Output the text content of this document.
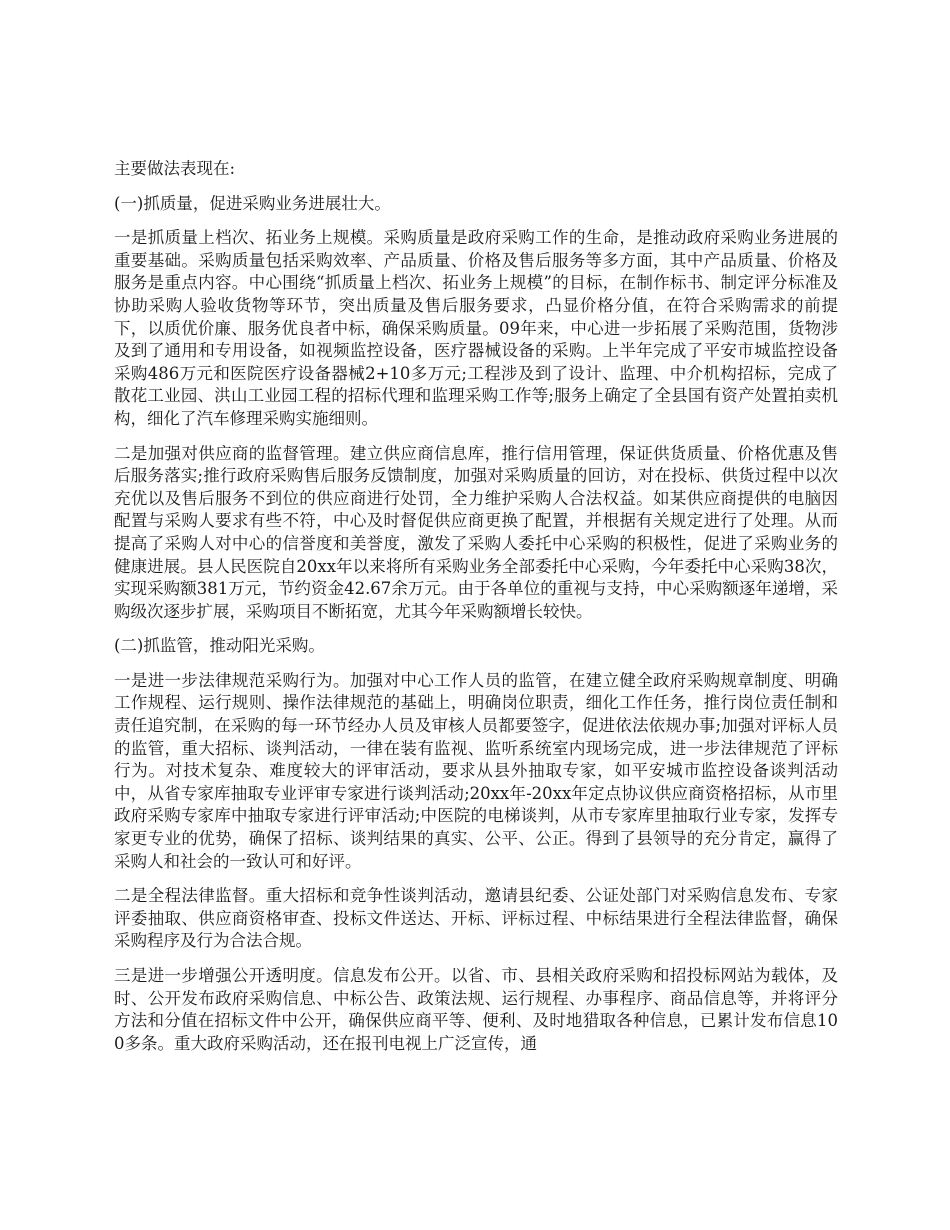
主要做法表现在:

(一)抓质量，促进采购业务进展壮大。

一是抓质量上档次、拓业务上规模。采购质量是政府采购工作的生命，是推动政府采购业务进展的重要基础。采购质量包括采购效率、产品质量、价格及售后服务等多方面，其中产品质量、价格及服务是重点内容。中心围绕“抓质量上档次、拓业务上规模”的目标，在制作标书、制定评分标准及协助采购人验收货物等环节，突出质量及售后服务要求，凸显价格分值，在符合采购需求的前提下，以质优价廉、服务优良者中标，确保采购质量。09年来，中心进一步拓展了采购范围，货物涉及到了通用和专用设备，如视频监控设备，医疗器械设备的采购。上半年完成了平安市城监控设备采购486万元和医院医疗设备器械2+10多万元;工程涉及到了设计、监理、中介机构招标，完成了散花工业园、洪山工业园工程的招标代理和监理采购工作等;服务上确定了全县国有资产处置拍卖机构，细化了汽车修理采购实施细则。

二是加强对供应商的监督管理。建立供应商信息库，推行信用管理，保证供货质量、价格优惠及售后服务落实;推行政府采购售后服务反馈制度，加强对采购质量的回访，对在投标、供货过程中以次充优以及售后服务不到位的供应商进行处罚，全力维护采购人合法权益。如某供应商提供的电脑因配置与采购人要求有些不符，中心及时督促供应商更换了配置，并根据有关规定进行了处理。从而提高了采购人对中心的信誉度和美誉度，激发了采购人委托中心采购的积极性，促进了采购业务的健康进展。县人民医院自20xx年以来将所有采购业务全部委托中心采购，今年委托中心采购38次，实现采购额381万元，节约资金42.67余万元。由于各单位的重视与支持，中心采购额逐年递增，采购级次逐步扩展，采购项目不断拓宽，尤其今年采购额增长较快。

(二)抓监管，推动阳光采购。

一是进一步法律规范采购行为。加强对中心工作人员的监管，在建立健全政府采购规章制度、明确工作规程、运行规则、操作法律规范的基础上，明确岗位职责，细化工作任务，推行岗位责任制和责任追究制，在采购的每一环节经办人员及审核人员都要签字，促进依法依规办事;加强对评标人员的监管，重大招标、谈判活动，一律在装有监视、监听系统室内现场完成，进一步法律规范了评标行为。对技术复杂、难度较大的评审活动，要求从县外抽取专家，如平安城市监控设备谈判活动中，从省专家库抽取专业评审专家进行谈判活动;20xx年-20xx年定点协议供应商资格招标，从市里政府采购专家库中抽取专家进行评审活动;中医院的电梯谈判，从市专家库里抽取行业专家，发挥专家更专业的优势，确保了招标、谈判结果的真实、公平、公正。得到了县领导的充分肯定，赢得了采购人和社会的一致认可和好评。

二是全程法律监督。重大招标和竞争性谈判活动，邀请县纪委、公证处部门对采购信息发布、专家评委抽取、供应商资格审查、投标文件送达、开标、评标过程、中标结果进行全程法律监督，确保采购程序及行为合法合规。

三是进一步增强公开透明度。信息发布公开。以省、市、县相关政府采购和招投标网站为载体，及时、公开发布政府采购信息、中标公告、政策法规、运行规程、办事程序、商品信息等，并将评分方法和分值在招标文件中公开，确保供应商平等、便利、及时地猎取各种信息，已累计发布信息100多条。重大政府采购活动，还在报刊电视上广泛宣传，通
